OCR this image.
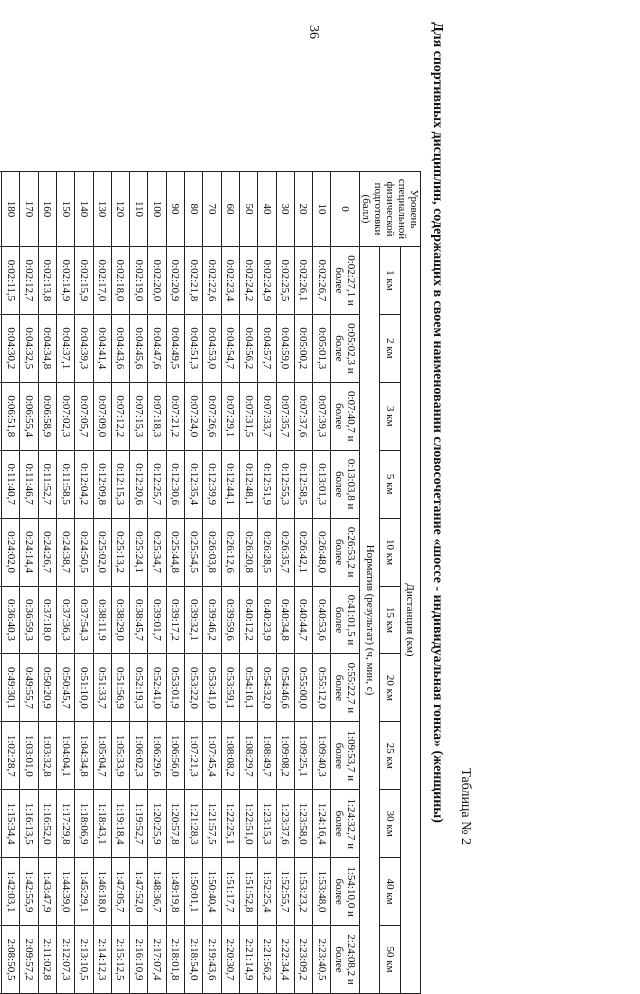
36
Таблица № 2
Для спортивных дисциплин, содержащих в своем наименовании словосочетание «шоссе - индивидуальная гонка» (женщины)
Уровень специальной физической подготовки (балл)	Дистанция (км)										
	1 км	2 км	3 км	5 км	10 км	15 км	20 км	25 км	30 км	40 км	50 км
	Норматив (результат) (ч, мин, с)										
0	0:02:27,1 и более	0:05:02,3 и более	0:07:40,7 и более	0:13:03,8 и более	0:26:53,2 и более	0:41:01,5 и более	0:55:22,7 и более	1:09:53,7 и более	1:24:32,7 и более	1:54:10,0 и более	2:24:08,2 и более
10	0:02:26,7	0:05:01,3	0:07:39,3	0:13:01,3	0:26:48,0	0:40:53,6	0:55:12,0	1:09:40,3	1:24:16,4	1:53:48,0	2:23:40,5
20	0:02:26,1	0:05:00,2	0:07:37,6	0:12:58,5	0:26:42,1	0:40:44,7	0:55:00,0	1:09:25,1	1:23:58,0	1:53:23,2	2:23:09,2
30	0:02:25,5	0:04:59,0	0:07:35,7	0:12:55,3	0:26:35,7	0:40:34,8	0:54:46,6	1:09:08,2	1:23:37,6	1:52:55,7	2:22:34,4
40	0:02:24,9	0:04:57,7	0:07:33,7	0:12:51,9	0:26:28,5	0:40:23,9	0:54:32,0	1:08:49,7	1:23:15,3	1:52:25,4	2:21:56,2
50	0:02:24,2	0:04:56,2	0:07:31,5	0:12:48,1	0:26:20,8	0:40:12,2	0:54:16,1	1:08:29,7	1:22:51,0	1:51:52,8	2:21:14,9
60	0:02:23,4	0:04:54,7	0:07:29,1	0:12:44,1	0:26:12,6	0:39:59,6	0:53:59,1	1:08:08,2	1:22:25,1	1:51:17,7	2:20:30,7
70	0:02:22,6	0:04:53,0	0:07:26,6	0:12:39,9	0:26:03,8	0:39:46,2	0:53:41,0	1:07:45,4	1:21:57,5	1:50:40,4	2:19:43,6
80	0:02:21,8	0:04:51,3	0:07:24,0	0:12:35,4	0:25:54,5	0:39:32,1	0:53:22,0	1:07:21,3	1:21:28,3	1:50:01,1	2:18:54,0
90	0:02:20,9	0:04:49,5	0:07:21,2	0:12:30,6	0:25:44,8	0:39:17,2	0:53:01,9	1:06:56,0	1:20:57,8	1:49:19,8	2:18:01,8
100	0:02:20,0	0:04:47,6	0:07:18,3	0:12:25,7	0:25:34,7	0:39:01,7	0:52:41,0	1:06:29,6	1:20:25,9	1:48:36,7	2:17:07,4
110	0:02:19,0	0:04:45,6	0:07:15,3	0:12:20,6	0:25:24,1	0:38:45,7	0:52:19,3	1:06:02,3	1:19:52,7	1:47:52,0	2:16:10,9
120	0:02:18,0	0:04:43,6	0:07:12,2	0:12:15,3	0:25:13,2	0:38:29,0	0:51:56,9	1:05:33,9	1:19:18,4	1:47:05,7	2:15:12,5
130	0:02:17,0	0:04:41,4	0:07:09,0	0:12:09,8	0:25:02,0	0:38:11,9	0:51:33,7	1:05:04,7	1:18:43,1	1:46:18,0	2:14:12,3
140	0:02:15,9	0:04:39,3	0:07:05,7	0:12:04,2	0:24:50,5	0:37:54,3	0:51:10,0	1:04:34,8	1:18:06,9	1:45:29,1	2:13:10,5
150	0:02:14,9	0:04:37,1	0:07:02,3	0:11:58,5	0:24:38,7	0:37:36,3	0:50:45,7	1:04:04,1	1:17:29,8	1:44:39,0	2:12:07,3
160	0:02:13,8	0:04:34,8	0:06:58,9	0:11:52,7	0:24:26,7	0:37:18,0	0:50:20,9	1:03:32,8	1:16:52,0	1:43:47,9	2:11:02,8
170	0:02:12,7	0:04:32,5	0:06:55,4	0:11:46,7	0:24:14,4	0:36:59,3	0:49:55,7	1:03:01,0	1:16:13,5	1:42:55,9	2:09:57,2
180	0:02:11,5	0:04:30,2	0:06:51,8	0:11:40,7	0:24:02,0	0:36:40,3	0:49:30,1	1:02:28,7	1:15:34,4	1:42:03,1	2:08:50,5
